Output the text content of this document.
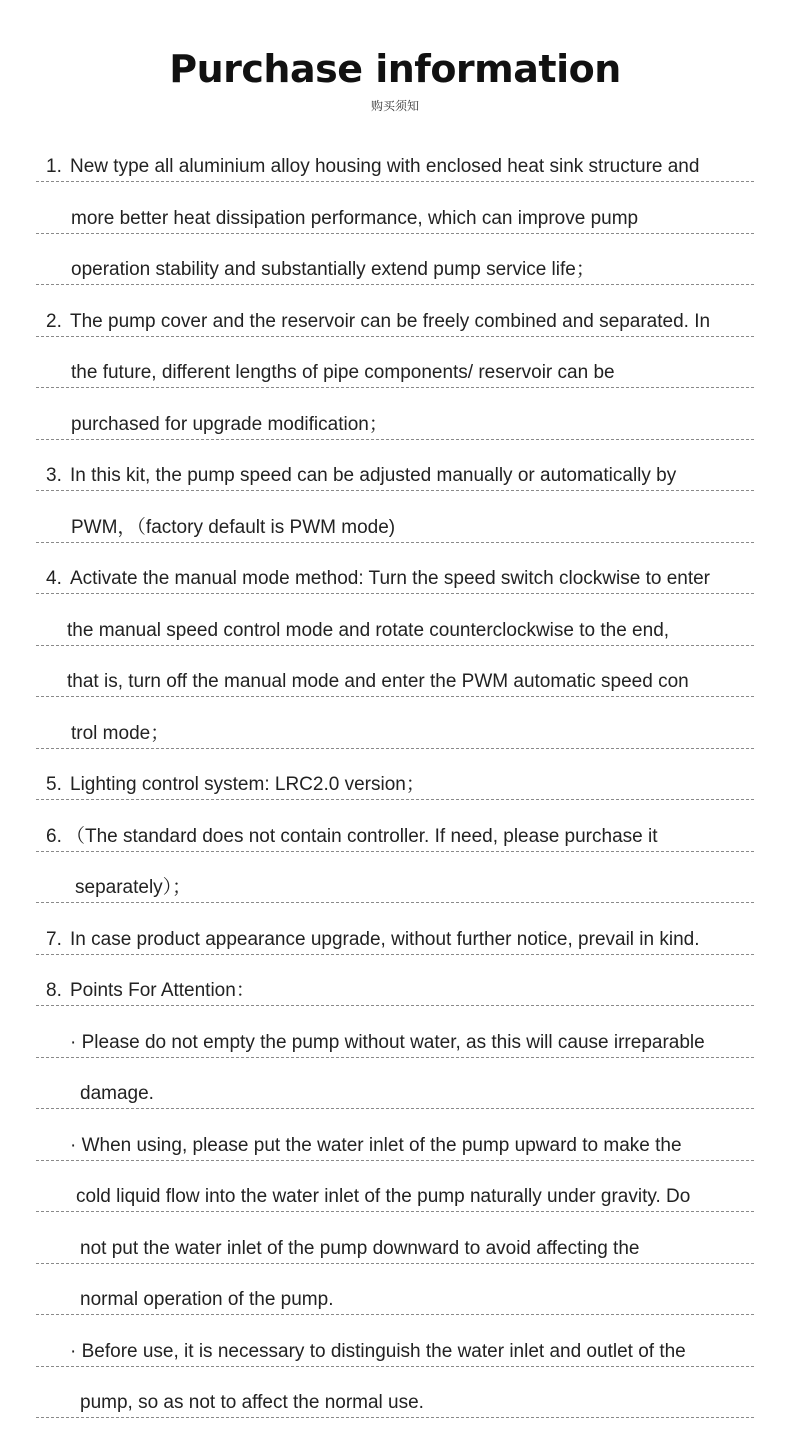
Purchase information
购买须知
1. New type all aluminium alloy housing with enclosed heat sink structure and
more better heat dissipation performance, which can improve pump
operation stability and substantially extend pump service life；
2. The pump cover and the reservoir can be freely combined and separated. In
the future, different lengths of pipe components/ reservoir can be
purchased for upgrade modification；
3. In this kit, the pump speed can be adjusted manually or automatically by
PWM，（factory default is PWM mode)
4. Activate the manual mode method: Turn the speed switch clockwise to enter
the manual speed control mode and rotate counterclockwise to the end,
that is, turn off the manual mode and enter the PWM automatic speed con
trol mode；
5. Lighting control system: LRC2.0 version；
6. （The standard does not contain controller. If need, please purchase it
separately）；
7. In case product appearance upgrade, without further notice, prevail in kind.
8. Points For Attention：
· Please do not empty the pump without water, as this will cause irreparable
damage.
· When using, please put the water inlet of the pump upward to make the
cold liquid flow into the water inlet of the pump naturally under gravity. Do
not put the water inlet of the pump downward to avoid affecting the
normal operation of the pump.
· Before use, it is necessary to distinguish the water inlet and outlet of the
pump, so as not to affect the normal use.
